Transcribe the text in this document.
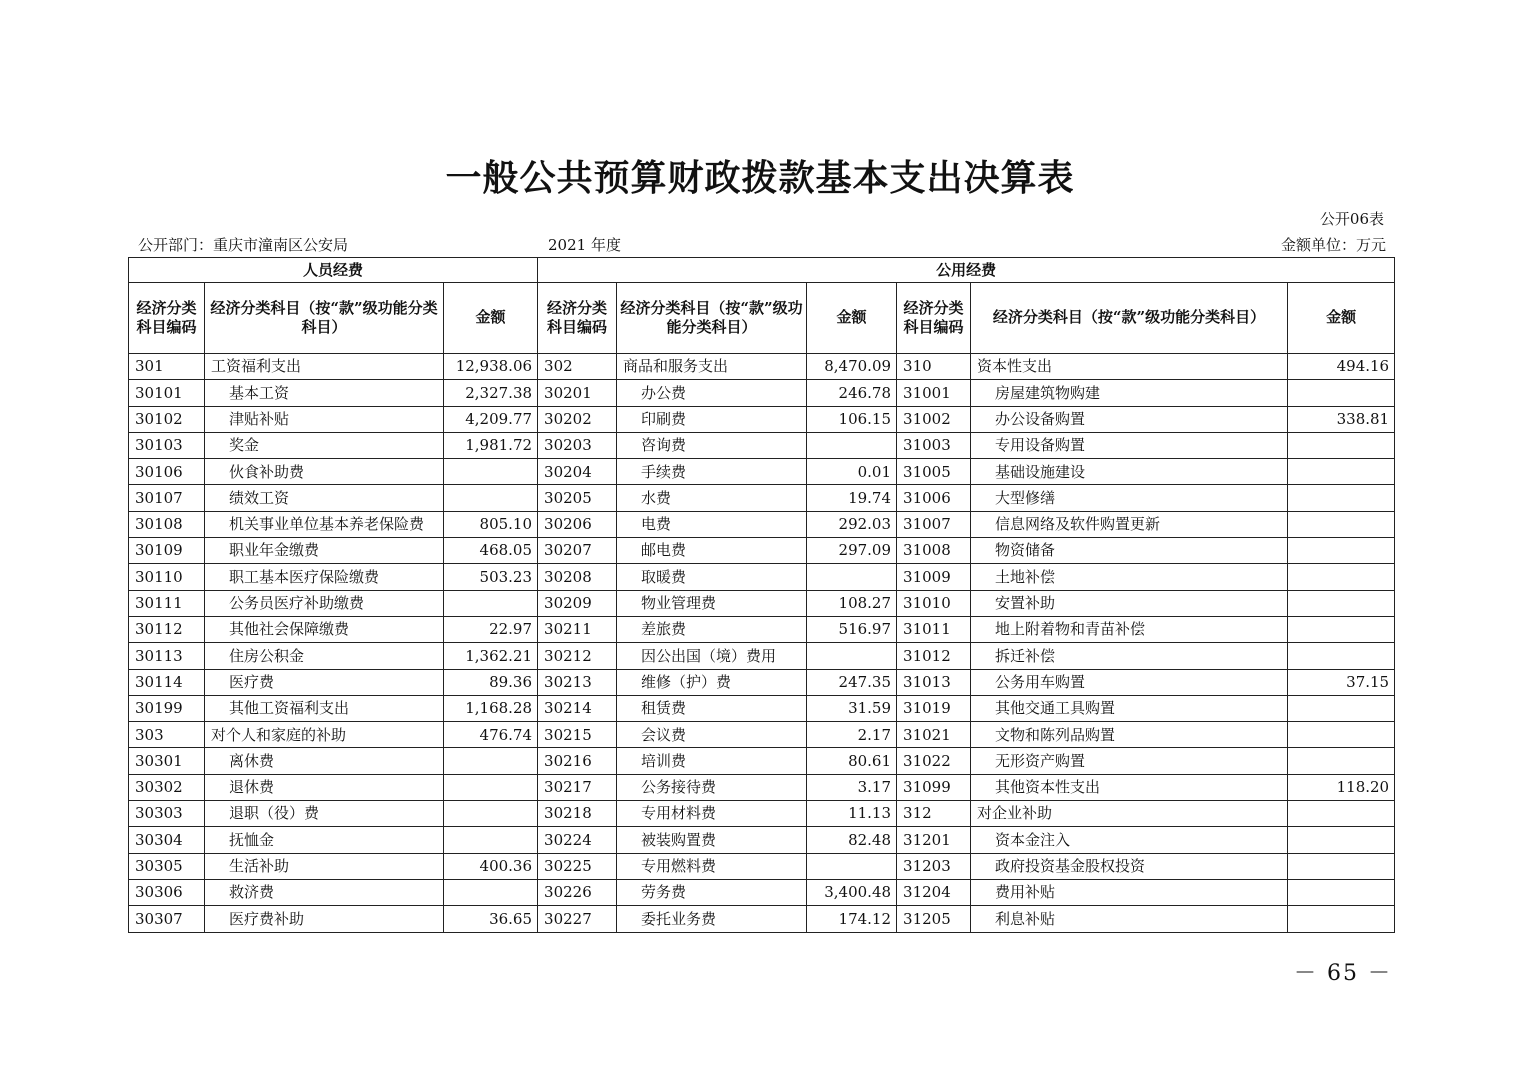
一般公共预算财政拨款基本支出决算表
公开06表
公开部门：重庆市潼南区公安局	2021 年度	金额单位：万元
人员经费			公用经费					
经济分类科目编码	经济分类科目（按“款”级功能分类科目）	金额	经济分类科目编码	经济分类科目（按“款”级功能分类科目）	金额	经济分类科目编码	经济分类科目（按“款”级功能分类科目）	金额
301	工资福利支出	12,938.06	302	商品和服务支出	8,470.09	310	资本性支出	494.16
30101	基本工资	2,327.38	30201	办公费	246.78	31001	房屋建筑物购建	
30102	津贴补贴	4,209.77	30202	印刷费	106.15	31002	办公设备购置	338.81
30103	奖金	1,981.72	30203	咨询费		31003	专用设备购置	
30106	伙食补助费		30204	手续费	0.01	31005	基础设施建设	
30107	绩效工资		30205	水费	19.74	31006	大型修缮	
30108	机关事业单位基本养老保险费	805.10	30206	电费	292.03	31007	信息网络及软件购置更新	
30109	职业年金缴费	468.05	30207	邮电费	297.09	31008	物资储备	
30110	职工基本医疗保险缴费	503.23	30208	取暖费		31009	土地补偿	
30111	公务员医疗补助缴费		30209	物业管理费	108.27	31010	安置补助	
30112	其他社会保障缴费	22.97	30211	差旅费	516.97	31011	地上附着物和青苗补偿	
30113	住房公积金	1,362.21	30212	因公出国（境）费用		31012	拆迁补偿	
30114	医疗费	89.36	30213	维修（护）费	247.35	31013	公务用车购置	37.15
30199	其他工资福利支出	1,168.28	30214	租赁费	31.59	31019	其他交通工具购置	
303	对个人和家庭的补助	476.74	30215	会议费	2.17	31021	文物和陈列品购置	
30301	离休费		30216	培训费	80.61	31022	无形资产购置	
30302	退休费		30217	公务接待费	3.17	31099	其他资本性支出	118.20
30303	退职（役）费		30218	专用材料费	11.13	312	对企业补助	
30304	抚恤金		30224	被装购置费	82.48	31201	资本金注入	
30305	生活补助	400.36	30225	专用燃料费		31203	政府投资基金股权投资	
30306	救济费		30226	劳务费	3,400.48	31204	费用补贴	
30307	医疗费补助	36.65	30227	委托业务费	174.12	31205	利息补贴	
－ 65 －
